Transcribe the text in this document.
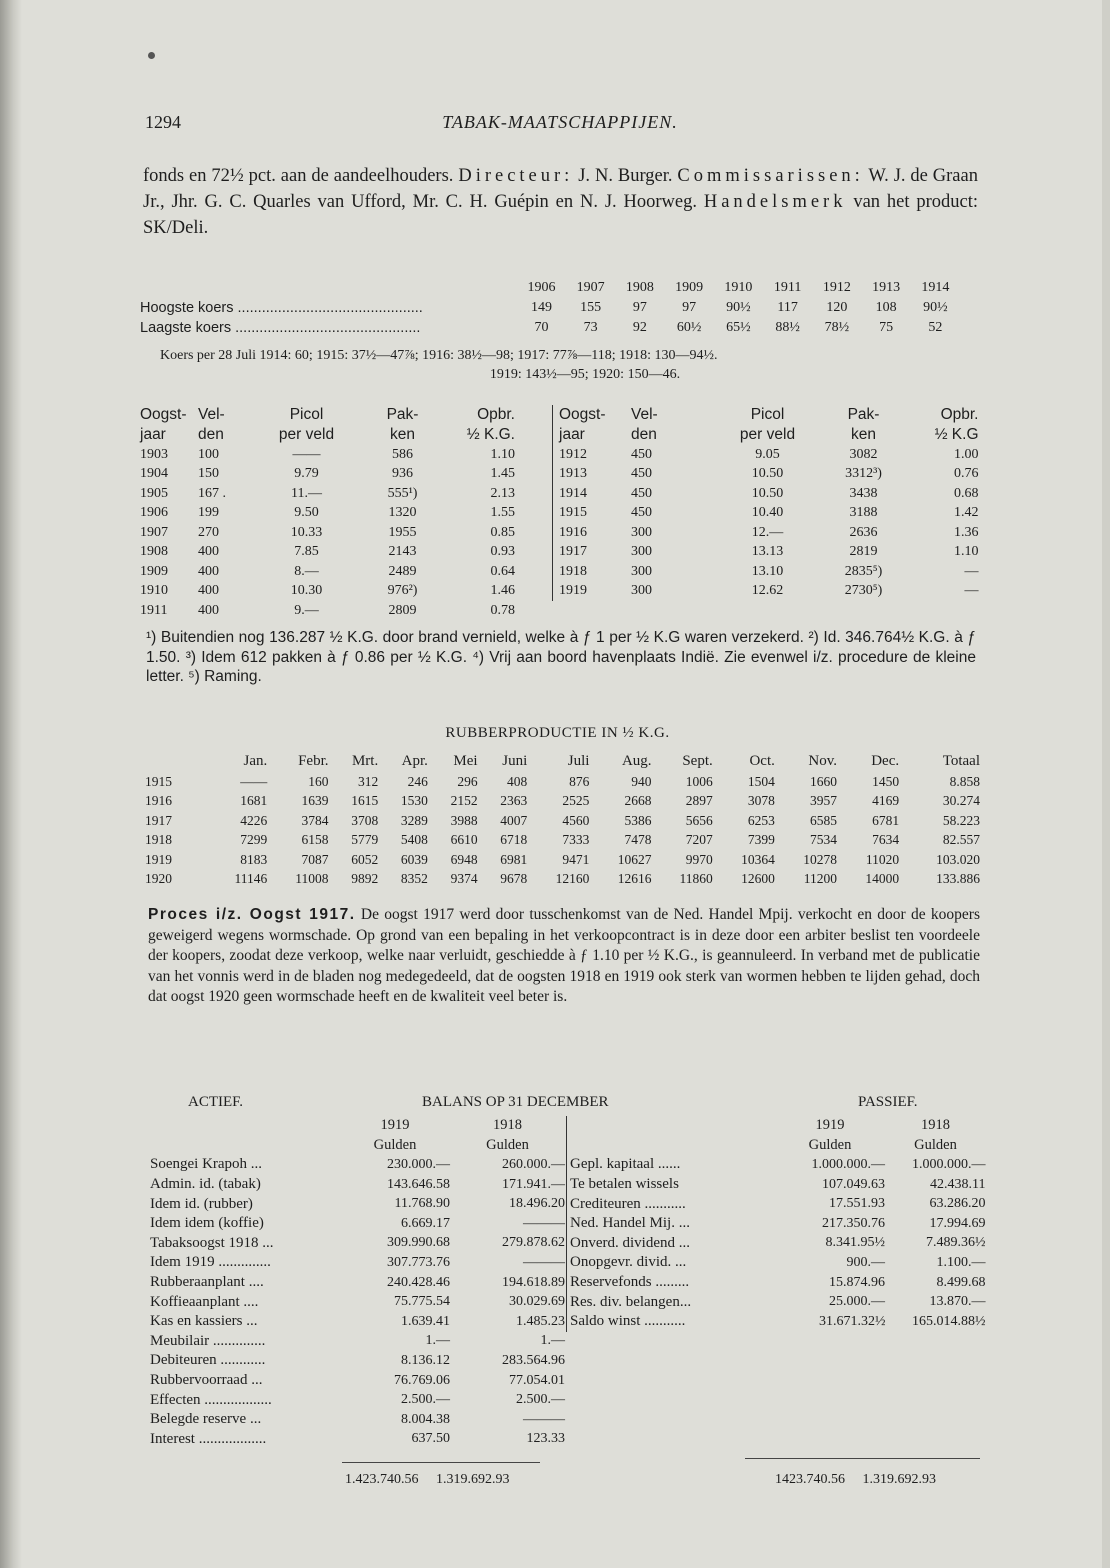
1294	TABAK-MAATSCHAPPIJEN.
fonds en 72½ pct. aan de aandeelhouders. Directeur: J. N. Burger. Commissarissen: W. J. de Graan Jr., Jhr. G. C. Quarles van Ufford, Mr. C. H. Guépin en N. J. Hoorweg. Handelsmerk van het product: SK/Deli.
	1906	1907	1908	1909	1910	1911	1912	1913	1914
Hoogste koers ..............................................	149	155	97	97	90½	117	120	108	90½
Laagste koers ..............................................	70	73	92	60½	65½	88½	78½	75	52
Koers per 28 Juli 1914: 60; 1915: 37½—47⅞; 1916: 38½—98; 1917: 77⅞—118; 1918: 130—94½.
1919: 143½—95; 1920: 150—46.
Oogst-	Vel-	Picol	Pak-	Opbr.
jaar	den	per veld	ken	½ K.G.
1903	100	——	586	1.10
1904	150	9.79	936	1.45
1905	167 .	11.—	555¹)	2.13
1906	199	9.50	1320	1.55
1907	270	10.33	1955	0.85
1908	400	7.85	2143	0.93
1909	400	8.—	2489	0.64
1910	400	10.30	976²)	1.46
1911	400	9.—	2809	0.78
Oogst-	Vel-	Picol	Pak-	Opbr.
jaar	den	per veld	ken	½ K.G
1912	450	9.05	3082	1.00
1913	450	10.50	3312³)	0.76
1914	450	10.50	3438	0.68
1915	450	10.40	3188	1.42
1916	300	12.—	2636	1.36
1917	300	13.13	2819	1.10
1918	300	13.10	2835⁵)	—
1919	300	12.62	2730⁵)	—
¹) Buitendien nog 136.287 ½ K.G. door brand vernield, welke à ƒ 1 per ½ K.G waren verzekerd. ²) Id. 346.764½ K.G. à ƒ 1.50. ³) Idem 612 pakken à ƒ 0.86 per ½ K.G. ⁴) Vrij aan boord havenplaats Indië. Zie evenwel i/z. procedure de kleine letter. ⁵) Raming.
RUBBERPRODUCTIE IN ½ K.G.
	Jan.	Febr.	Mrt.	Apr.	Mei	Juni	Juli	Aug.	Sept.	Oct.	Nov.	Dec.	Totaal
1915	——	160	312	246	296	408	876	940	1006	1504	1660	1450	8.858
1916	1681	1639	1615	1530	2152	2363	2525	2668	2897	3078	3957	4169	30.274
1917	4226	3784	3708	3289	3988	4007	4560	5386	5656	6253	6585	6781	58.223
1918	7299	6158	5779	5408	6610	6718	7333	7478	7207	7399	7534	7634	82.557
1919	8183	7087	6052	6039	6948	6981	9471	10627	9970	10364	10278	11020	103.020
1920	11146	11008	9892	8352	9374	9678	12160	12616	11860	12600	11200	14000	133.886
Proces i/z. Oogst 1917. De oogst 1917 werd door tusschenkomst van de Ned. Handel Mpij. verkocht en door de koopers geweigerd wegens wormschade. Op grond van een bepaling in het verkoopcontract is in deze door een arbiter beslist ten voordeele der koopers, zoodat deze verkoop, welke naar verluidt, geschiedde à ƒ 1.10 per ½ K.G., is geannuleerd. In verband met de publicatie van het vonnis werd in de bladen nog medegedeeld, dat de oogsten 1918 en 1919 ook sterk van wormen hebben te lijden gehad, doch dat oogst 1920 geen wormschade heeft en de kwaliteit veel beter is.
ACTIEF.	BALANS OP 31 DECEMBER	PASSIEF.
	1919	1918
	Gulden	Gulden
Soengei Krapoh ...	230.000.—	260.000.—
Admin. id. (tabak)	143.646.58	171.941.—
Idem id. (rubber)	11.768.90	18.496.20
Idem idem (koffie)	6.669.17	———
Tabaksoogst 1918 ...	309.990.68	279.878.62
Idem 1919 ..............	307.773.76	———
Rubberaanplant ....	240.428.46	194.618.89
Koffieaanplant ....	75.775.54	30.029.69
Kas en kassiers ...	1.639.41	1.485.23
Meubilair ..............	1.—	1.—
Debiteuren ............	8.136.12	283.564.96
Rubbervoorraad ...	76.769.06	77.054.01
Effecten ..................	2.500.—	2.500.—
Belegde reserve ...	8.004.38	———
Interest ..................	637.50	123.33
	1919	1918
	Gulden	Gulden
Gepl. kapitaal ......	1.000.000.—	1.000.000.—
Te betalen wissels	107.049.63	42.438.11
Crediteuren ...........	17.551.93	63.286.20
Ned. Handel Mij. ...	217.350.76	17.994.69
Onverd. dividend ...	8.341.95½	7.489.36½
Onopgevr. divid. ...	900.—	1.100.—
Reservefonds .........	15.874.96	8.499.68
Res. div. belangen...	25.000.—	13.870.—
Saldo winst ...........	31.671.32½	165.014.88½
1.423.740.56 1.319.692.93	1423.740.56 1.319.692.93
